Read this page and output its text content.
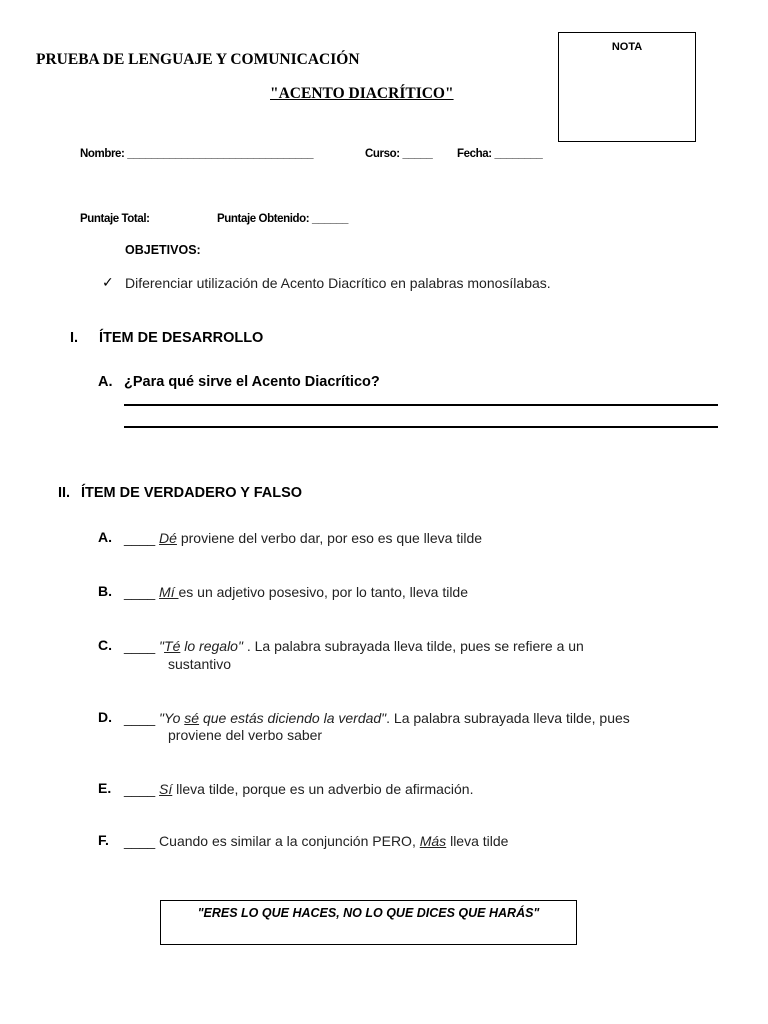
PRUEBA DE LENGUAJE Y COMUNICACIÓN
"ACENTO DIACRÍTICO"
NOTA
Nombre: _______________________________	Curso: _____ Fecha: ________
Puntaje Total:	Puntaje Obtenido: ______
OBJETIVOS:
✓ Diferenciar utilización de Acento Diacrítico en palabras monosílabas.
I. ÍTEM DE DESARROLLO
A. ¿Para qué sirve el Acento Diacrítico?
II. ÍTEM DE VERDADERO Y FALSO
A. ____ Dé proviene del verbo dar, por eso es que lleva tilde
B. ____ Mí es un adjetivo posesivo, por lo tanto, lleva tilde
C. ____ "Té lo regalo" . La palabra subrayada lleva tilde, pues se refiere a un
sustantivo
D. ____ "Yo sé que estás diciendo la verdad". La palabra subrayada lleva tilde, pues
proviene del verbo saber
E. ____ Sí lleva tilde, porque es un adverbio de afirmación.
F. ____ Cuando es similar a la conjunción PERO, Más lleva tilde
"ERES LO QUE HACES, NO LO QUE DICES QUE HARÁS"
